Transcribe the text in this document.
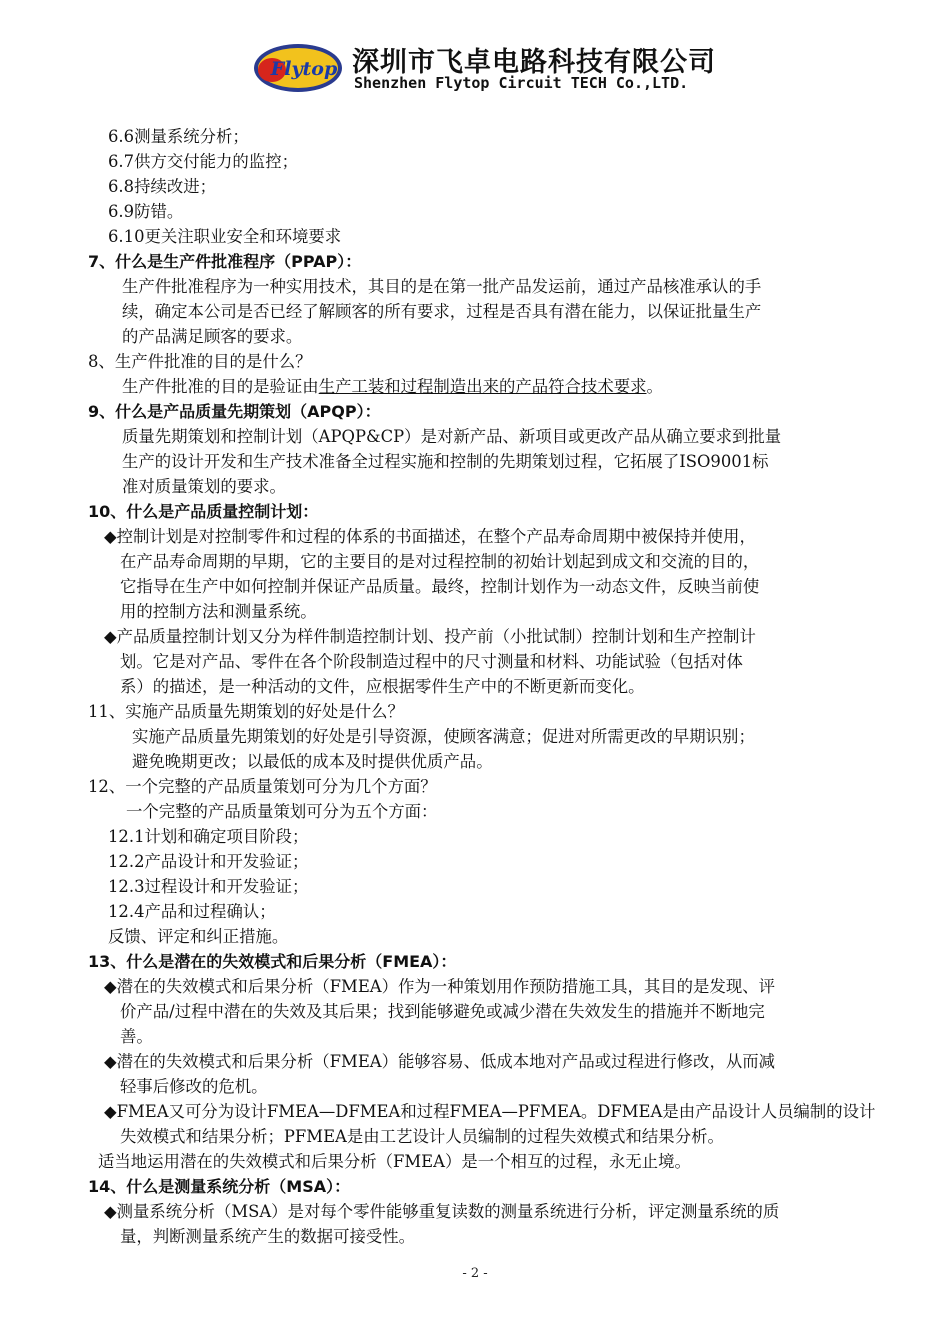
Flytop 深圳市飞卓电路科技有限公司
Shenzhen Flytop Circuit TECH Co.,LTD.
6.6测量系统分析；
6.7供方交付能力的监控；
6.8持续改进；
6.9防错。
6.10更关注职业安全和环境要求
7、什么是生产件批准程序（PPAP）：
生产件批准程序为一种实用技术，其目的是在第一批产品发运前，通过产品核准承认的手
续，确定本公司是否已经了解顾客的所有要求，过程是否具有潜在能力，以保证批量生产
的产品满足顾客的要求。
8、生产件批准的目的是什么？
生产件批准的目的是验证由生产工装和过程制造出来的产品符合技术要求。
9、什么是产品质量先期策划（APQP）：
质量先期策划和控制计划（APQP&CP）是对新产品、新项目或更改产品从确立要求到批量
生产的设计开发和生产技术准备全过程实施和控制的先期策划过程，它拓展了ISO9001标
准对质量策划的要求。
10、什么是产品质量控制计划：
◆控制计划是对控制零件和过程的体系的书面描述，在整个产品寿命周期中被保持并使用，
在产品寿命周期的早期，它的主要目的是对过程控制的初始计划起到成文和交流的目的，
它指导在生产中如何控制并保证产品质量。最终，控制计划作为一动态文件，反映当前使
用的控制方法和测量系统。
◆产品质量控制计划又分为样件制造控制计划、投产前（小批试制）控制计划和生产控制计
划。它是对产品、零件在各个阶段制造过程中的尺寸测量和材料、功能试验（包括对体
系）的描述，是一种活动的文件，应根据零件生产中的不断更新而变化。
11、实施产品质量先期策划的好处是什么？
实施产品质量先期策划的好处是引导资源，使顾客满意；促进对所需更改的早期识别；
避免晚期更改；以最低的成本及时提供优质产品。
12、一个完整的产品质量策划可分为几个方面？
一个完整的产品质量策划可分为五个方面：
12.1计划和确定项目阶段；
12.2产品设计和开发验证；
12.3过程设计和开发验证；
12.4产品和过程确认；
反馈、评定和纠正措施。
13、什么是潜在的失效模式和后果分析（FMEA）：
◆潜在的失效模式和后果分析（FMEA）作为一种策划用作预防措施工具，其目的是发现、评
价产品/过程中潜在的失效及其后果；找到能够避免或减少潜在失效发生的措施并不断地完
善。
◆潜在的失效模式和后果分析（FMEA）能够容易、低成本地对产品或过程进行修改，从而减
轻事后修改的危机。
◆FMEA又可分为设计FMEA—DFMEA和过程FMEA—PFMEA。DFMEA是由产品设计人员编制的设计
失效模式和结果分析；PFMEA是由工艺设计人员编制的过程失效模式和结果分析。
适当地运用潜在的失效模式和后果分析（FMEA）是一个相互的过程，永无止境。
14、什么是测量系统分析（MSA）：
◆测量系统分析（MSA）是对每个零件能够重复读数的测量系统进行分析，评定测量系统的质
量，判断测量系统产生的数据可接受性。
- 2 -
